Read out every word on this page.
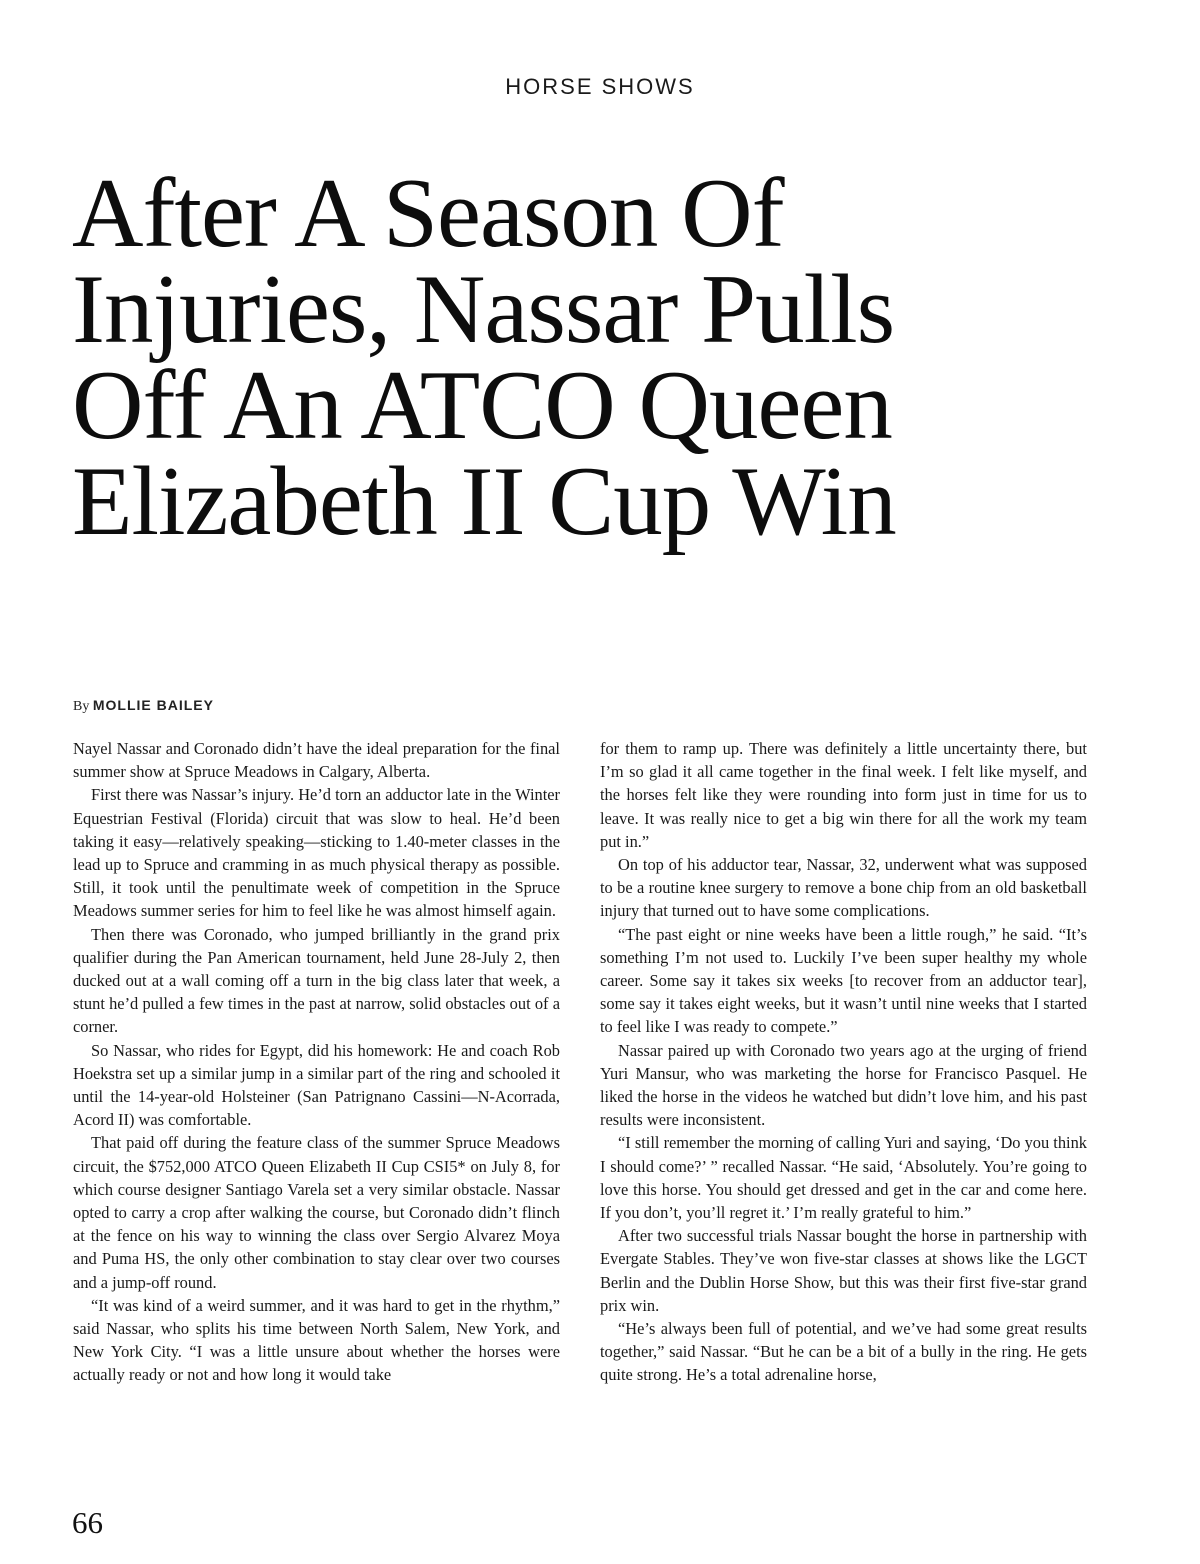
HORSE SHOWS
After A Season Of
Injuries, Nassar Pulls
Off An ATCO Queen
Elizabeth II Cup Win
By MOLLIE BAILEY

Nayel Nassar and Coronado didn’t have the ideal preparation for the final summer show at Spruce Meadows in Calgary, Alberta.

First there was Nassar’s injury. He’d torn an adductor late in the Winter Equestrian Festival (Florida) circuit that was slow to heal. He’d been taking it easy—relatively speaking—sticking to 1.40-meter classes in the lead up to Spruce and cramming in as much physical therapy as possible. Still, it took until the penultimate week of competition in the Spruce Meadows summer series for him to feel like he was almost himself again.

Then there was Coronado, who jumped brilliantly in the grand prix qualifier during the Pan American tournament, held June 28-July 2, then ducked out at a wall coming off a turn in the big class later that week, a stunt he’d pulled a few times in the past at narrow, solid obstacles out of a corner.

So Nassar, who rides for Egypt, did his homework: He and coach Rob Hoekstra set up a similar jump in a similar part of the ring and schooled it until the 14-year-old Holsteiner (San Patrignano Cassini—N-Acorrada, Acord II) was comfortable.

That paid off during the feature class of the summer Spruce Meadows circuit, the $752,000 ATCO Queen Elizabeth II Cup CSI5* on July 8, for which course designer Santiago Varela set a very similar obstacle. Nassar opted to carry a crop after walking the course, but Coronado didn’t flinch at the fence on his way to winning the class over Sergio Alvarez Moya and Puma HS, the only other combination to stay clear over two courses and a jump-off round.

“It was kind of a weird summer, and it was hard to get in the rhythm,” said Nassar, who splits his time between North Salem, New York, and New York City. “I was a little unsure about whether the horses were actually ready or not and how long it would take

for them to ramp up. There was definitely a little uncertainty there, but I’m so glad it all came together in the final week. I felt like myself, and the horses felt like they were rounding into form just in time for us to leave. It was really nice to get a big win there for all the work my team put in.”

On top of his adductor tear, Nassar, 32, underwent what was supposed to be a routine knee surgery to remove a bone chip from an old basketball injury that turned out to have some complications.

“The past eight or nine weeks have been a little rough,” he said. “It’s something I’m not used to. Luckily I’ve been super healthy my whole career. Some say it takes six weeks [to recover from an adductor tear], some say it takes eight weeks, but it wasn’t until nine weeks that I started to feel like I was ready to compete.”

Nassar paired up with Coronado two years ago at the urging of friend Yuri Mansur, who was marketing the horse for Francisco Pasquel. He liked the horse in the videos he watched but didn’t love him, and his past results were inconsistent.

“I still remember the morning of calling Yuri and saying, ‘Do you think I should come?’ ” recalled Nassar. “He said, ‘Absolutely. You’re going to love this horse. You should get dressed and get in the car and come here. If you don’t, you’ll regret it.’ I’m really grateful to him.”

After two successful trials Nassar bought the horse in partnership with Evergate Stables. They’ve won five-star classes at shows like the LGCT Berlin and the Dublin Horse Show, but this was their first five-star grand prix win.

“He’s always been full of potential, and we’ve had some great results together,” said Nassar. “But he can be a bit of a bully in the ring. He gets quite strong. He’s a total adrenaline horse,

66
